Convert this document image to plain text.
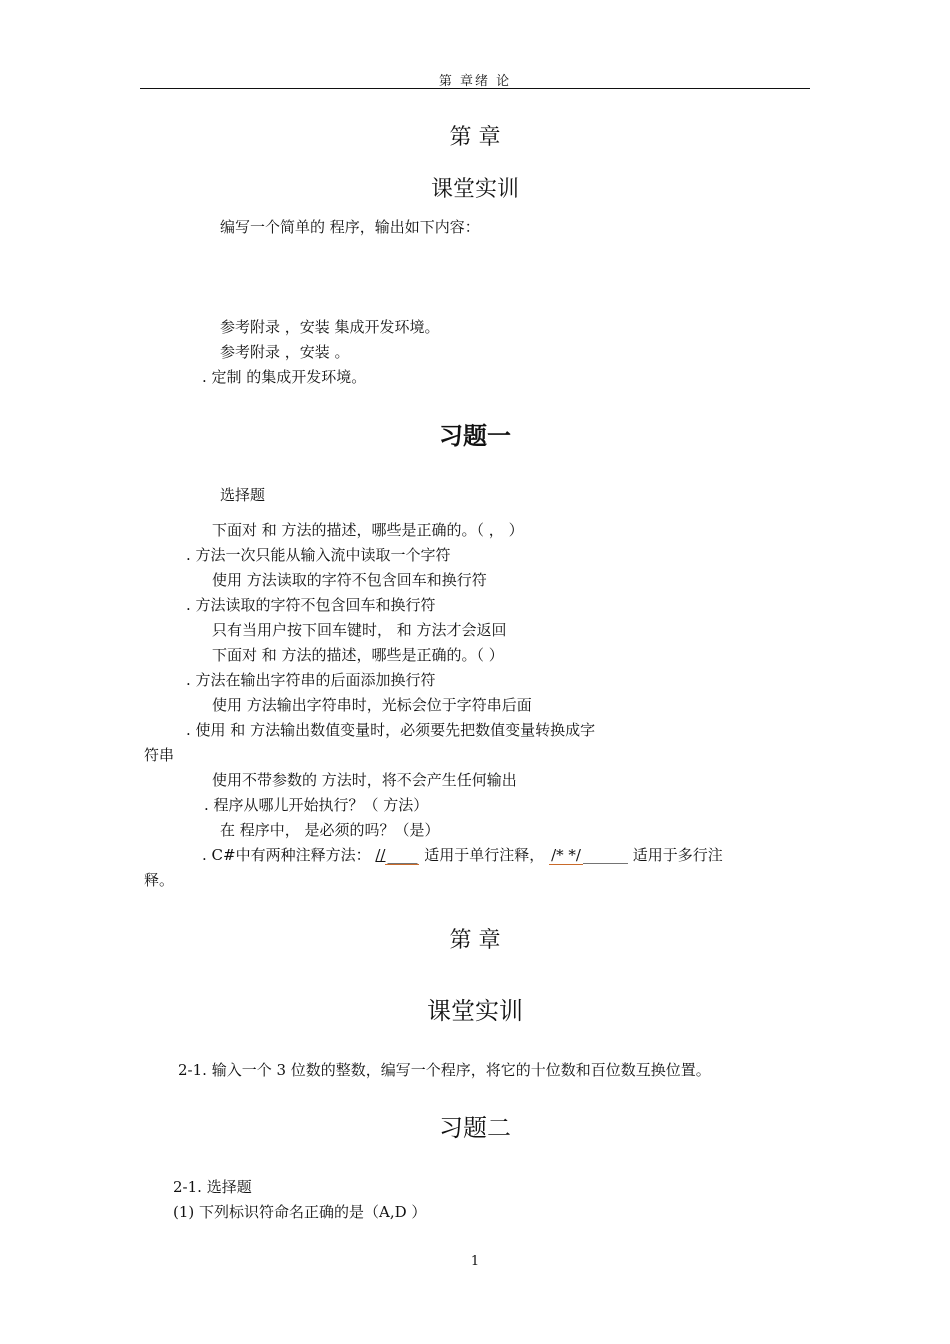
第 章绪 论
第 章
课堂实训
编写一个简单的 程序，输出如下内容：
参考附录 ，安装 集成开发环境。
参考附录 ，安装 。
. 定制 的集成开发环境。
习题一
选择题
下面对 和 方法的描述，哪些是正确的。（ ， ）
. 方法一次只能从输入流中读取一个字符
使用 方法读取的字符不包含回车和换行符
. 方法读取的字符不包含回车和换行符
只有当用户按下回车键时， 和 方法才会返回
下面对 和 方法的描述，哪些是正确的。（ ）
. 方法在输出字符串的后面添加换行符
使用 方法输出字符串时，光标会位于字符串后面
. 使用 和 方法输出数值变量时，必须要先把数值变量转换成字
符串
使用不带参数的 方法时，将不会产生任何输出
. 程序从哪儿开始执行？（ 方法）
在 程序中， 是必须的吗？（是）
. C#中有两种注释方法： // ____ 适用于单行注释， /* */ ______ 适用于多行注
释。
第 章
课堂实训
2-1. 输入一个 3 位数的整数，编写一个程序，将它的十位数和百位数互换位置。
习题二
2-1. 选择题
(1) 下列标识符命名正确的是（A,D ）
1
